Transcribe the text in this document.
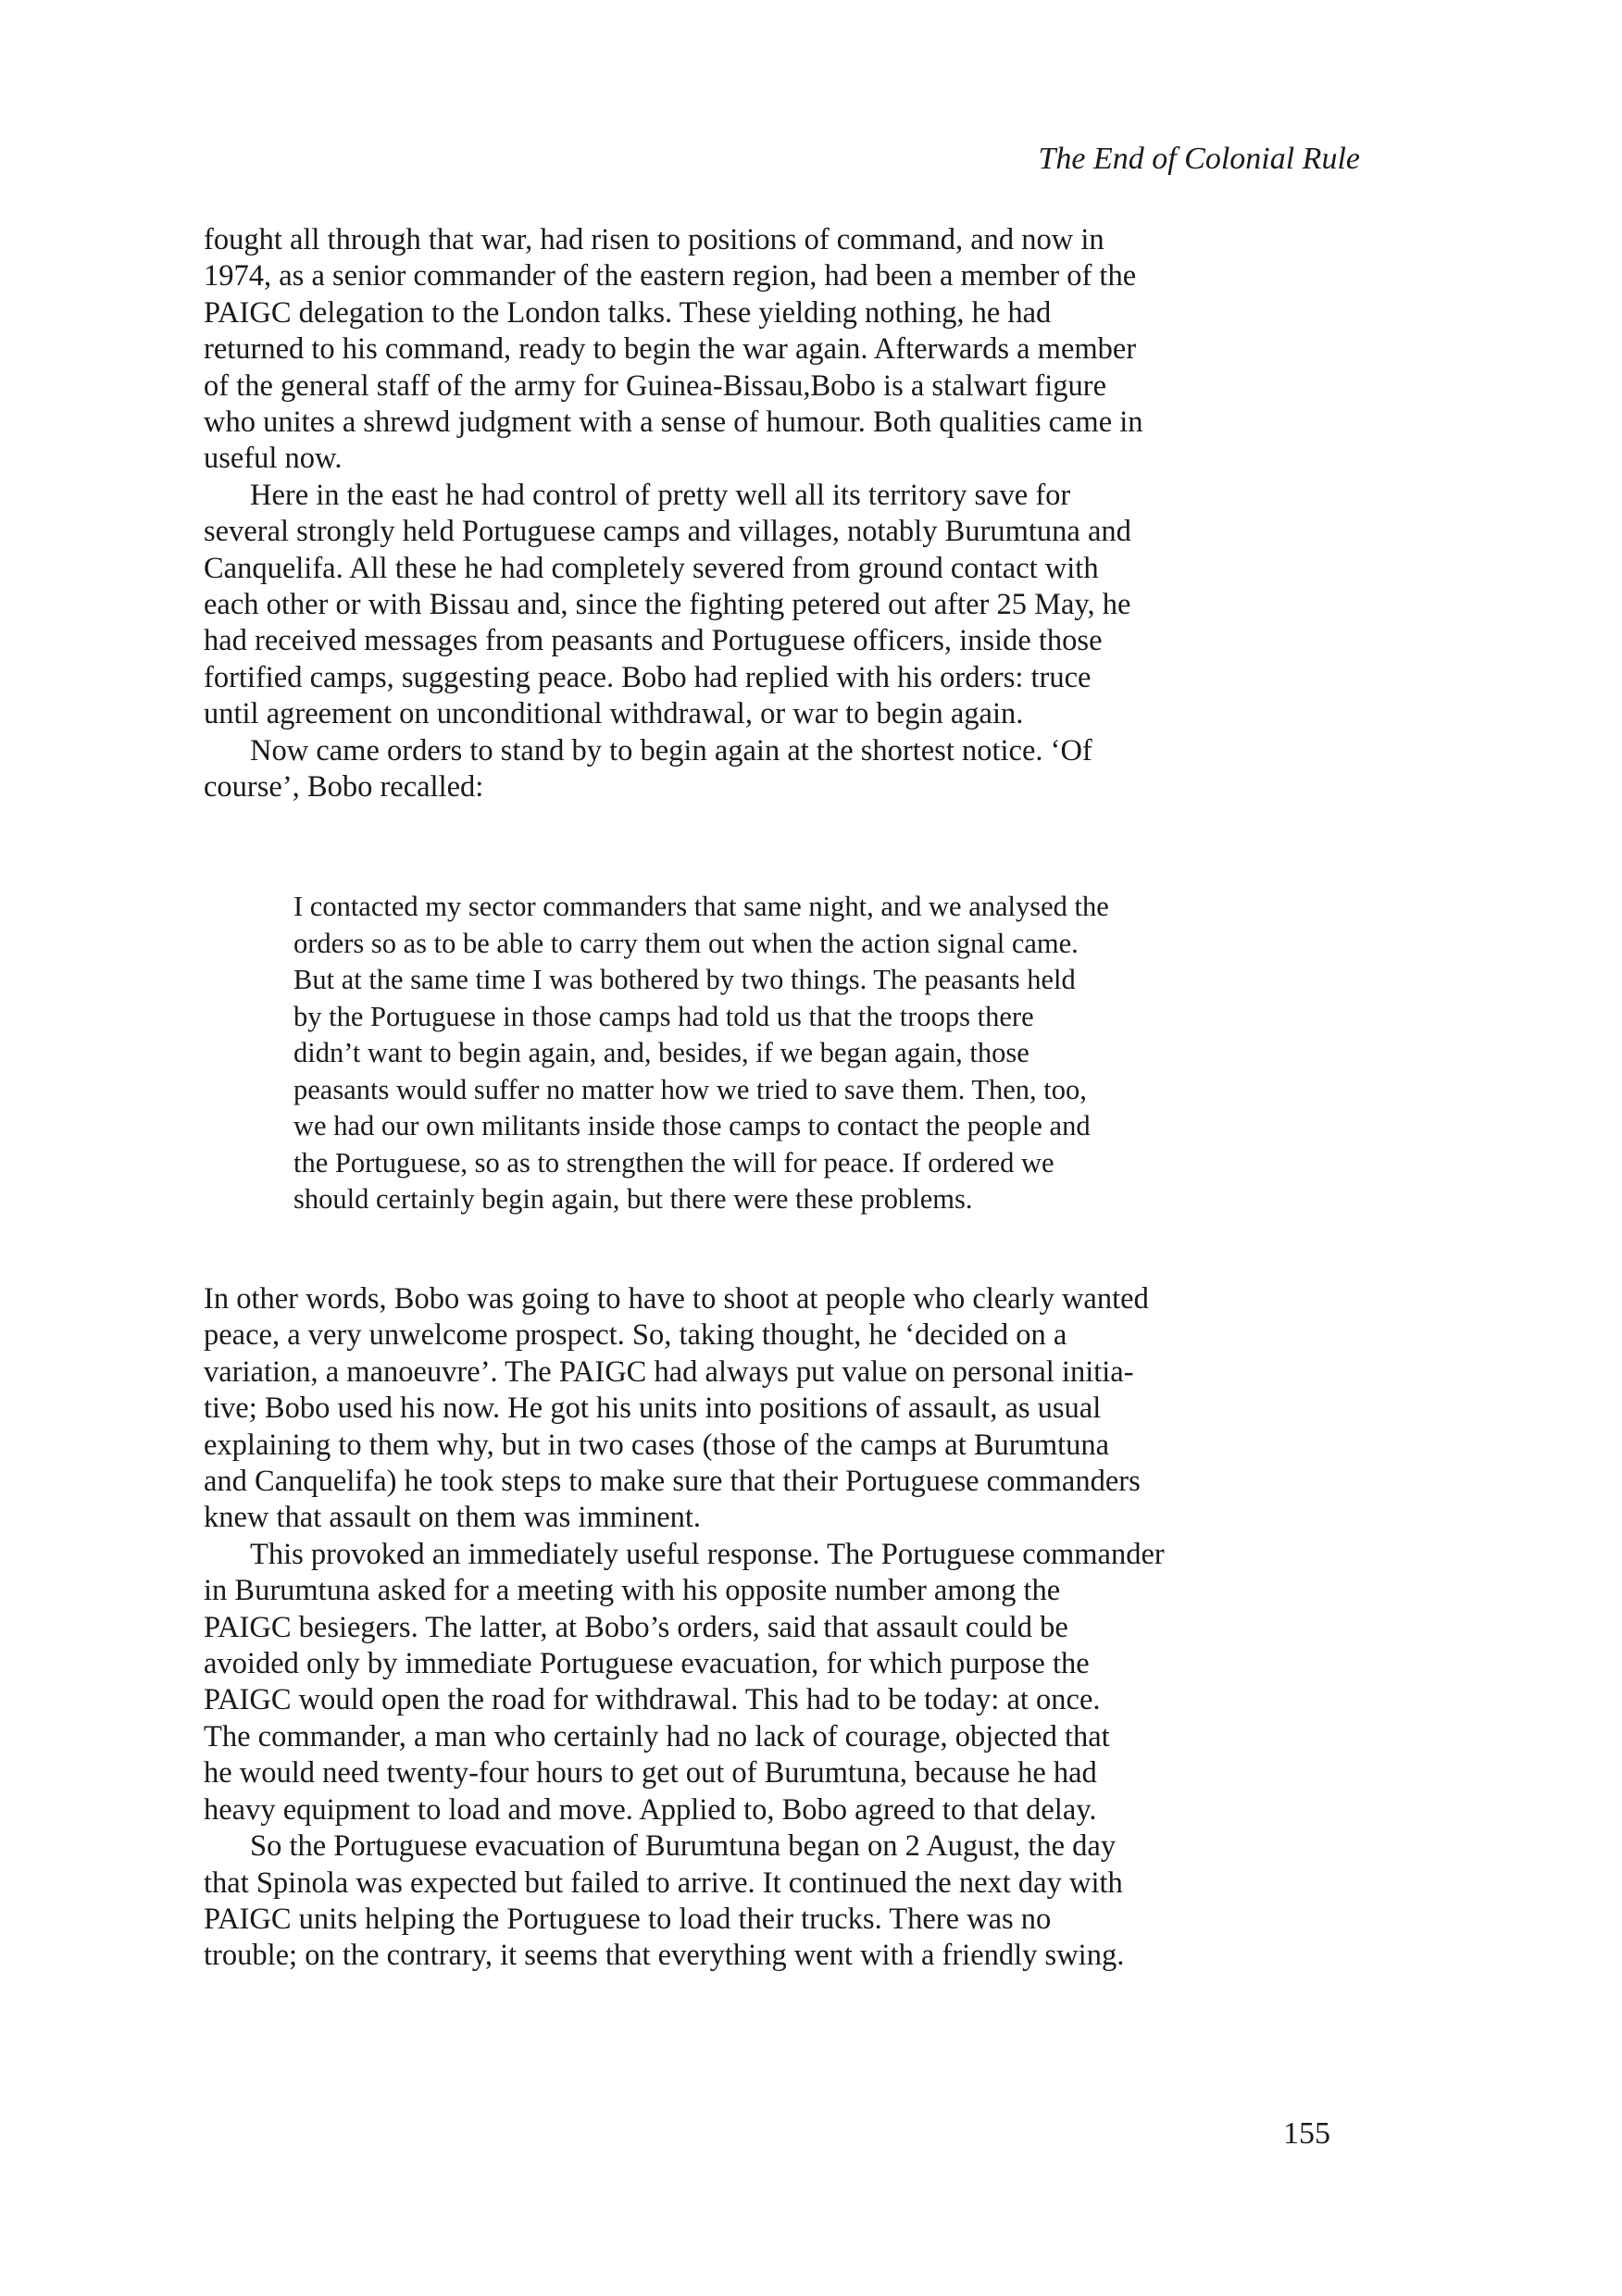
The End of Colonial Rule

fought all through that war, had risen to positions of command, and now in
1974, as a senior commander of the eastern region, had been a member of the
PAIGC delegation to the London talks. These yielding nothing, he had
returned to his command, ready to begin the war again. Afterwards a member
of the general staff of the army for Guinea-Bissau,Bobo is a stalwart figure
who unites a shrewd judgment with a sense of humour. Both qualities came in
useful now.

Here in the east he had control of pretty well all its territory save for
several strongly held Portuguese camps and villages, notably Burumtuna and
Canquelifa. All these he had completely severed from ground contact with
each other or with Bissau and, since the fighting petered out after 25 May, he
had received messages from peasants and Portuguese officers, inside those
fortified camps, suggesting peace. Bobo had replied with his orders: truce
until agreement on unconditional withdrawal, or war to begin again.

Now came orders to stand by to begin again at the shortest notice. ‘Of
course’, Bobo recalled:

I contacted my sector commanders that same night, and we analysed the
orders so as to be able to carry them out when the action signal came.
But at the same time I was bothered by two things. The peasants held
by the Portuguese in those camps had told us that the troops there
didn’t want to begin again, and, besides, if we began again, those
peasants would suffer no matter how we tried to save them. Then, too,
we had our own militants inside those camps to contact the people and
the Portuguese, so as to strengthen the will for peace. If ordered we
should certainly begin again, but there were these problems.

In other words, Bobo was going to have to shoot at people who clearly wanted
peace, a very unwelcome prospect. So, taking thought, he ‘decided on a
variation, a manoeuvre’. The PAIGC had always put value on personal initia-
tive; Bobo used his now. He got his units into positions of assault, as usual
explaining to them why, but in two cases (those of the camps at Burumtuna
and Canquelifa) he took steps to make sure that their Portuguese commanders
knew that assault on them was imminent.

This provoked an immediately useful response. The Portuguese commander
in Burumtuna asked for a meeting with his opposite number among the
PAIGC besiegers. The latter, at Bobo’s orders, said that assault could be
avoided only by immediate Portuguese evacuation, for which purpose the
PAIGC would open the road for withdrawal. This had to be today: at once.
The commander, a man who certainly had no lack of courage, objected that
he would need twenty-four hours to get out of Burumtuna, because he had
heavy equipment to load and move. Applied to, Bobo agreed to that delay.

So the Portuguese evacuation of Burumtuna began on 2 August, the day
that Spinola was expected but failed to arrive. It continued the next day with
PAIGC units helping the Portuguese to load their trucks. There was no
trouble; on the contrary, it seems that everything went with a friendly swing.

155
